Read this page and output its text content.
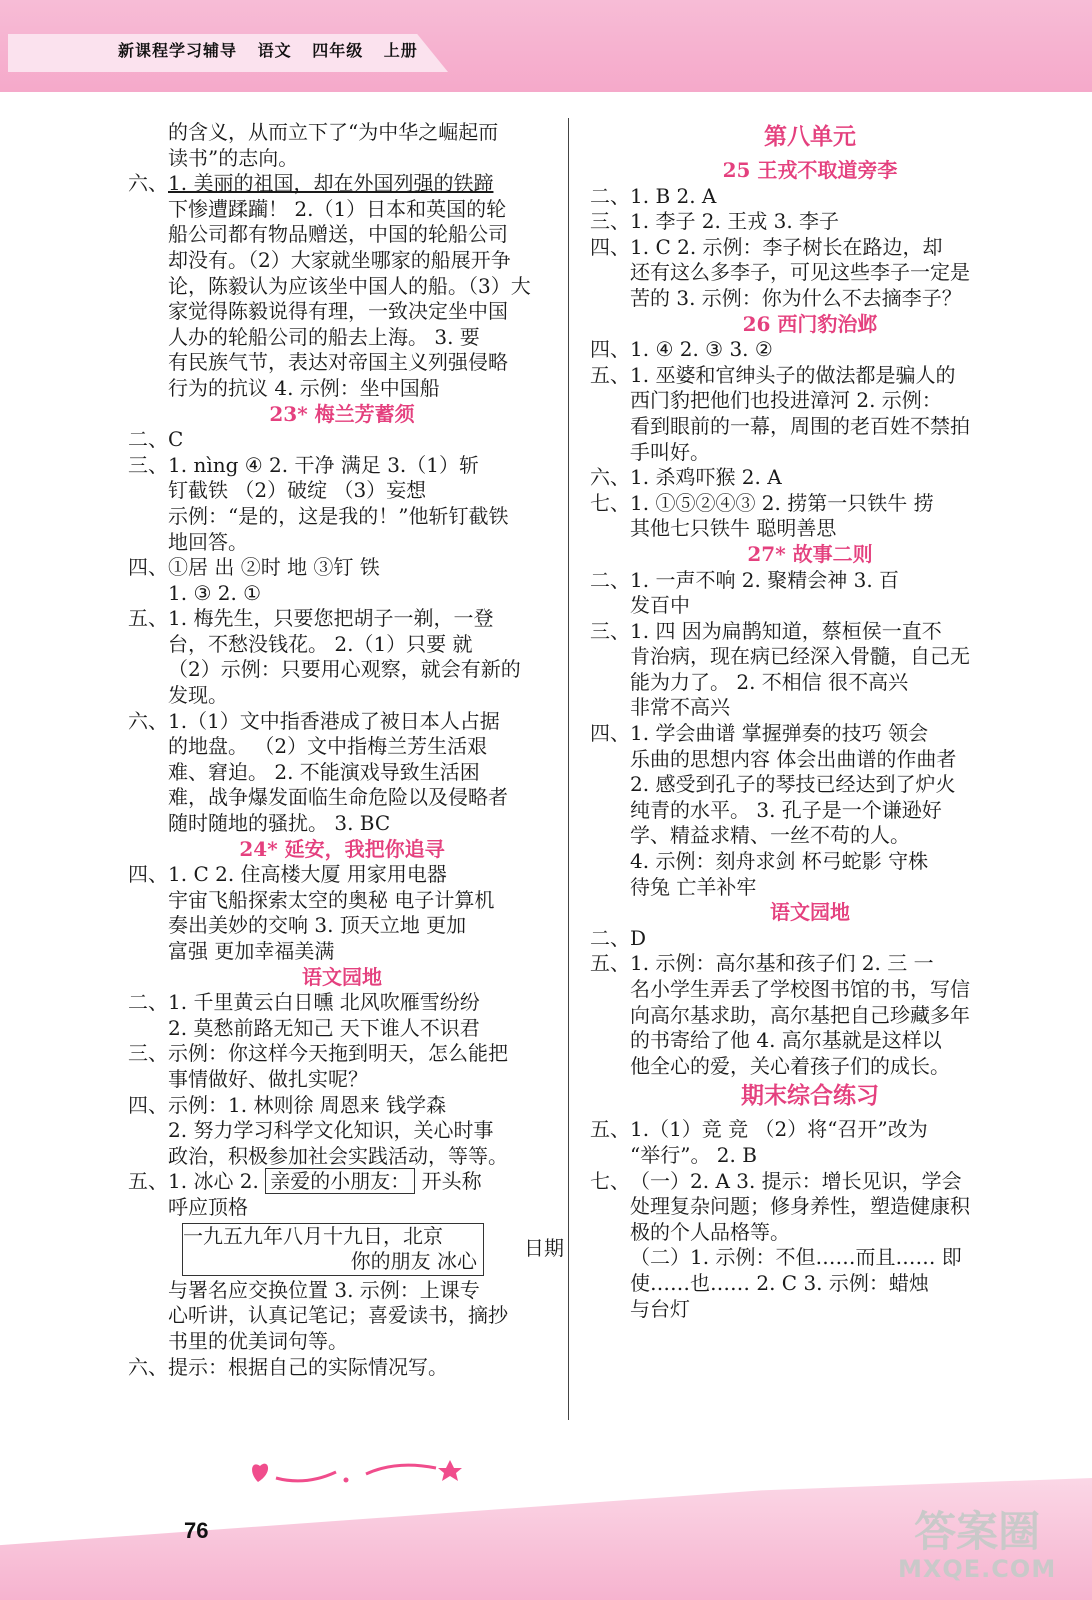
新课程学习辅导 语文 四年级 上册
的含义，从而立下了“为中华之崛起而
读书”的志向。
六、1. 美丽的祖国，却在外国列强的铁蹄
下惨遭蹂躏！ 2.（1）日本和英国的轮
船公司都有物品赠送，中国的轮船公司
却没有。（2）大家就坐哪家的船展开争
论，陈毅认为应该坐中国人的船。（3）大
家觉得陈毅说得有理，一致决定坐中国
人办的轮船公司的船去上海。 3. 要
有民族气节，表达对帝国主义列强侵略
行为的抗议 4. 示例：坐中国船
23* 梅兰芳蓄须
二、C
三、1. nìng ④ 2. 干净 满足 3.（1）斩
钉截铁 （2）破绽 （3）妄想
示例：“是的，这是我的！”他斩钉截铁
地回答。
四、①居 出 ②时 地 ③钉 铁
1. ③ 2. ①
五、1. 梅先生，只要您把胡子一剃，一登
台，不愁没钱花。 2.（1）只要 就
（2）示例：只要用心观察，就会有新的
发现。
六、1.（1）文中指香港成了被日本人占据
的地盘。 （2）文中指梅兰芳生活艰
难、窘迫。 2. 不能演戏导致生活困
难，战争爆发面临生命危险以及侵略者
随时随地的骚扰。 3. BC
24* 延安，我把你追寻
四、1. C 2. 住高楼大厦 用家用电器
宇宙飞船探索太空的奥秘 电子计算机
奏出美妙的交响 3. 顶天立地 更加
富强 更加幸福美满
语文园地
二、1. 千里黄云白日曛 北风吹雁雪纷纷
2. 莫愁前路无知己 天下谁人不识君
三、示例：你这样今天拖到明天，怎么能把
事情做好、做扎实呢？
四、示例：1. 林则徐 周恩来 钱学森
2. 努力学习科学文化知识，关心时事
政治，积极参加社会实践活动，等等。
五、1. 冰心 2. 亲爱的小朋友： 开头称
呼应顶格
一九五九年八月十九日，北京
你的朋友 冰心
日期
与署名应交换位置 3. 示例：上课专
心听讲，认真记笔记；喜爱读书，摘抄
书里的优美词句等。
六、提示：根据自己的实际情况写。
第八单元
25 王戎不取道旁李
二、1. B 2. A
三、1. 李子 2. 王戎 3. 李子
四、1. C 2. 示例：李子树长在路边，却
还有这么多李子，可见这些李子一定是
苦的 3. 示例：你为什么不去摘李子？
26 西门豹治邺
四、1. ④ 2. ③ 3. ②
五、1. 巫婆和官绅头子的做法都是骗人的
西门豹把他们也投进漳河 2. 示例：
看到眼前的一幕，周围的老百姓不禁拍
手叫好。
六、1. 杀鸡吓猴 2. A
七、1. ①⑤②④③ 2. 捞第一只铁牛 捞
其他七只铁牛 聪明善思
27* 故事二则
二、1. 一声不响 2. 聚精会神 3. 百
发百中
三、1. 四 因为扁鹊知道，蔡桓侯一直不
肯治病，现在病已经深入骨髓，自己无
能为力了。 2. 不相信 很不高兴
非常不高兴
四、1. 学会曲谱 掌握弹奏的技巧 领会
乐曲的思想内容 体会出曲谱的作曲者
2. 感受到孔子的琴技已经达到了炉火
纯青的水平。 3. 孔子是一个谦逊好
学、精益求精、一丝不苟的人。
4. 示例：刻舟求剑 杯弓蛇影 守株
待兔 亡羊补牢
语文园地
二、D
五、1. 示例：高尔基和孩子们 2. 三 一
名小学生弄丢了学校图书馆的书，写信
向高尔基求助，高尔基把自己珍藏多年
的书寄给了他 4. 高尔基就是这样以
他全心的爱，关心着孩子们的成长。
期末综合练习
五、1.（1）竞 竞 （2）将“召开”改为
“举行”。 2. B
七、（一）2. A 3. 提示：增长见识，学会
处理复杂问题；修身养性，塑造健康积
极的个人品格等。
（二）1. 示例：不但……而且…… 即
使……也…… 2. C 3. 示例：蜡烛
与台灯
76	答案圈
MXQE.COM
